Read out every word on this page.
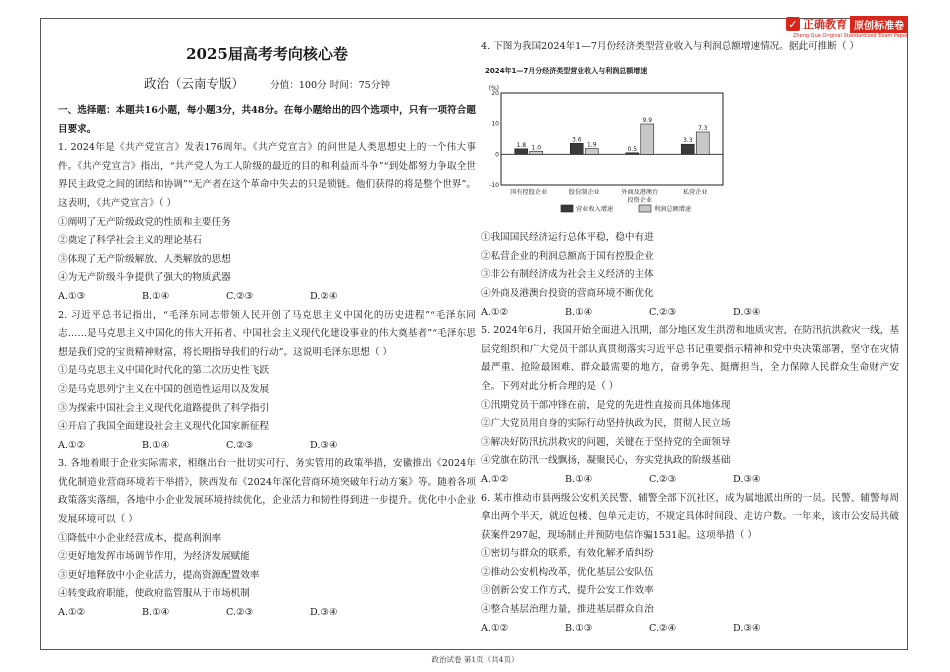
✓ 正确教育 原创标准卷
Zheng Que Original Standardized Exam Paper
2025届高考考向核心卷
政治（云南专版）	分值：100分 时间：75分钟

一、选择题：本题共16小题，每小题3分，共48分。在每小题给出的四个选项中，只有一项符合题目要求。

1. 2024年是《共产党宣言》发表176周年。《共产党宣言》的问世是人类思想史上的一个伟大事件。《共产党宣言》指出，“共产党人为工人阶级的最近的目的和利益而斗争”“到处都努力争取全世界民主政党之间的团结和协调”“无产者在这个革命中失去的只是锁链。他们获得的将是整个世界”。这表明，《共产党宣言》（ ）

①阐明了无产阶级政党的性质和主要任务

②奠定了科学社会主义的理论基石

③体现了无产阶级解放、人类解放的思想

④为无产阶级斗争提供了强大的物质武器

A.①③	B.①④	C.②③	D.②④

2. 习近平总书记指出，“毛泽东同志带领人民开创了马克思主义中国化的历史进程”“毛泽东同志……是马克思主义中国化的伟大开拓者、中国社会主义现代化建设事业的伟大奠基者”“毛泽东思想是我们党的宝贵精神财富，将长期指导我们的行动”。这说明毛泽东思想（ ）

①是马克思主义中国化时代化的第二次历史性飞跃

②是马克思列宁主义在中国的创造性运用以及发展

③为探索中国社会主义现代化道路提供了科学指引

④开启了我国全面建设社会主义现代化国家新征程

A.①②	B.①④	C.②③	D.③④

3. 各地着眼于企业实际需求，相继出台一批切实可行、务实管用的政策举措，安徽推出《2024年优化制造业营商环境若干举措》，陕西发布《2024年深化营商环境突破年行动方案》等。随着各项政策落实落细，各地中小企业发展环境持续优化，企业活力和韧性得到进一步提升。优化中小企业发展环境可以（ ）

①降低中小企业经营成本，提高利润率

②更好地发挥市场调节作用，为经济发展赋能

③更好地释放中小企业活力，提高资源配置效率

④转变政府职能，使政府监管服从于市场机制

A.①②	B.①④	C.②③	D.③④

4. 下图为我国2024年1—7月份经济类型营业收入与利润总额增速情况。据此可推断（ ）

2024年1—7月分经济类型营业收入与利润总额增速
(%)
20
10
0
-10
1.8 1.0
国有控股企业
3.6
1.9
股份制企业
0.5
9.9
外商及港澳台
投资企业
3.3
7.3
私营企业
营业收入增速	利润总额增速

①我国国民经济运行总体平稳，稳中有进

②私营企业的利润总额高于国有控股企业

③非公有制经济成为社会主义经济的主体

④外商及港澳台投资的营商环境不断优化

A.①②	B.①④	C.②③	D.③④

5. 2024年6月，我国开始全面进入汛期，部分地区发生洪涝和地质灾害，在防汛抗洪救灾一线，基层党组织和广大党员干部认真贯彻落实习近平总书记重要指示精神和党中央决策部署，坚守在灾情最严重、抢险最困难、群众最需要的地方，奋勇争先、挺膺担当，全力保障人民群众生命财产安全。下列对此分析合理的是（ ）

①汛期党员干部冲锋在前，是党的先进性直接而具体地体现

②广大党员用自身的实际行动坚持执政为民，贯彻人民立场

③解决好防汛抗洪救灾的问题，关键在于坚持党的全面领导

④党旗在防汛一线飘扬，凝聚民心，夯实党执政的阶级基础

A.①②	B.①④	C.②③	D.③④

6. 某市推动市县两级公安机关民警、辅警全部下沉社区，成为属地派出所的一员。民警、辅警每周拿出两个半天，就近包楼、包单元走访，不规定具体时间段、走访户数。一年来，该市公安局共破获案件297起，现场制止并预防电信诈骗1531起。这项举措（ ）

①密切与群众的联系，有效化解矛盾纠纷

②推动公安机构改革，优化基层公安队伍

③创新公安工作方式，提升公安工作效率

④整合基层治理力量，推进基层群众自治

A.①②	B.①③	C.②④	D.③④
政治试卷 第1页（共4页）
